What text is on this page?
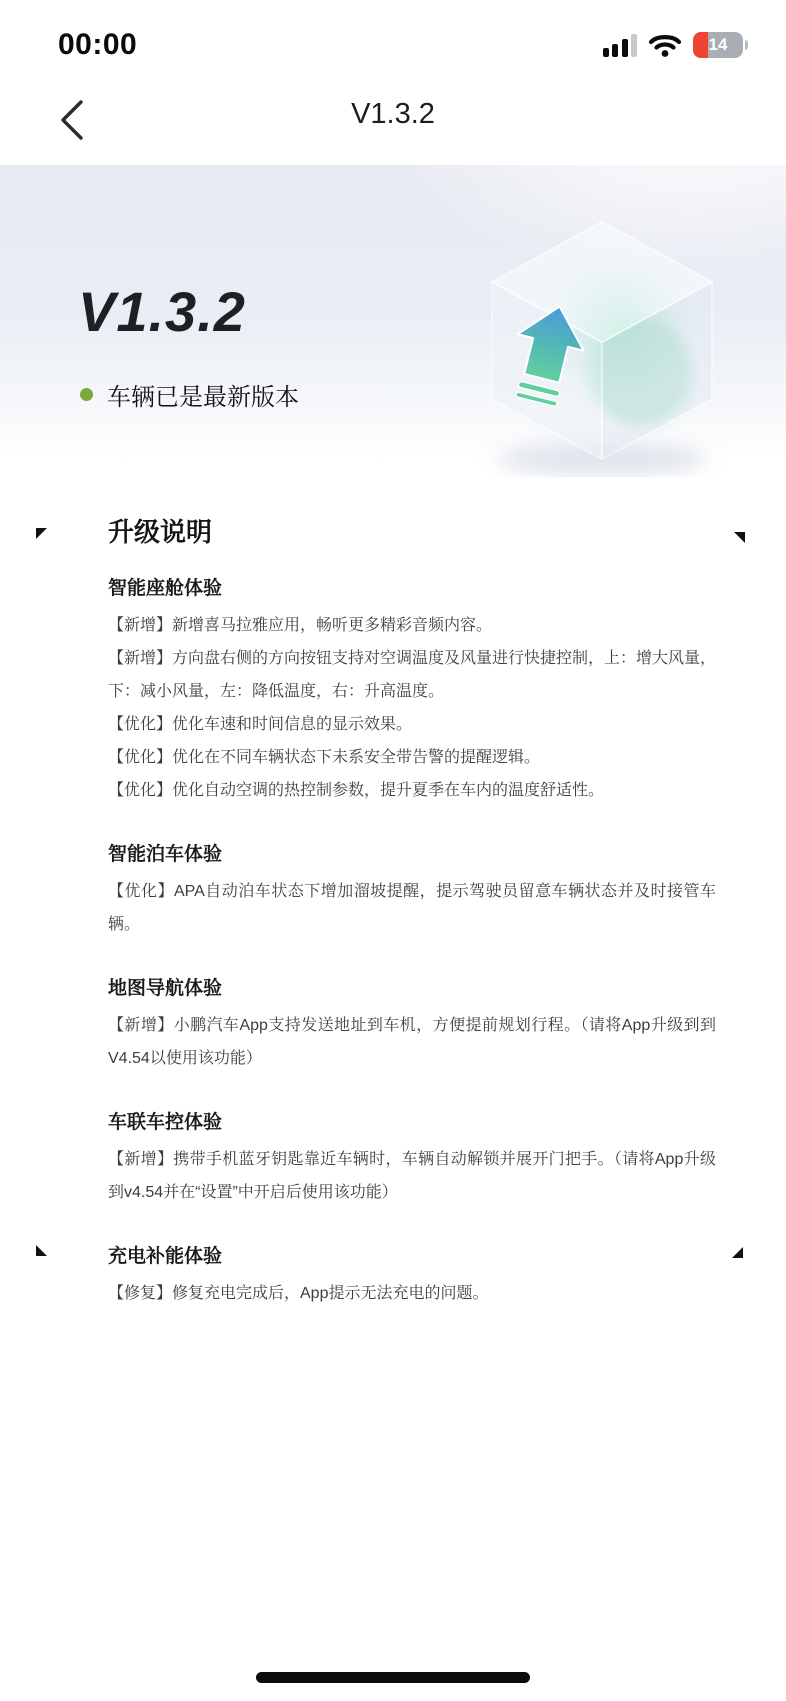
00:00	14
V1.3.2
V1.3.2
车辆已是最新版本
升级说明
智能座舱体验

【新增】新增喜马拉雅应用，畅听更多精彩音频内容。

【新增】方向盘右侧的方向按钮支持对空调温度及风量进行快捷控制，上：增大风量，下：减小风量，左：降低温度，右：升高温度。

【优化】优化车速和时间信息的显示效果。

【优化】优化在不同车辆状态下未系安全带告警的提醒逻辑。

【优化】优化自动空调的热控制参数，提升夏季在车内的温度舒适性。

智能泊车体验

【优化】APA自动泊车状态下增加溜坡提醒，提示驾驶员留意车辆状态并及时接管车辆。

地图导航体验

【新增】小鹏汽车App支持发送地址到车机，方便提前规划行程。（请将App升级到到V4.54以使用该功能）

车联车控体验

【新增】携带手机蓝牙钥匙靠近车辆时，车辆自动解锁并展开门把手。（请将App升级到v4.54并在“设置”中开启后使用该功能）

充电补能体验

【修复】修复充电完成后，App提示无法充电的问题。
